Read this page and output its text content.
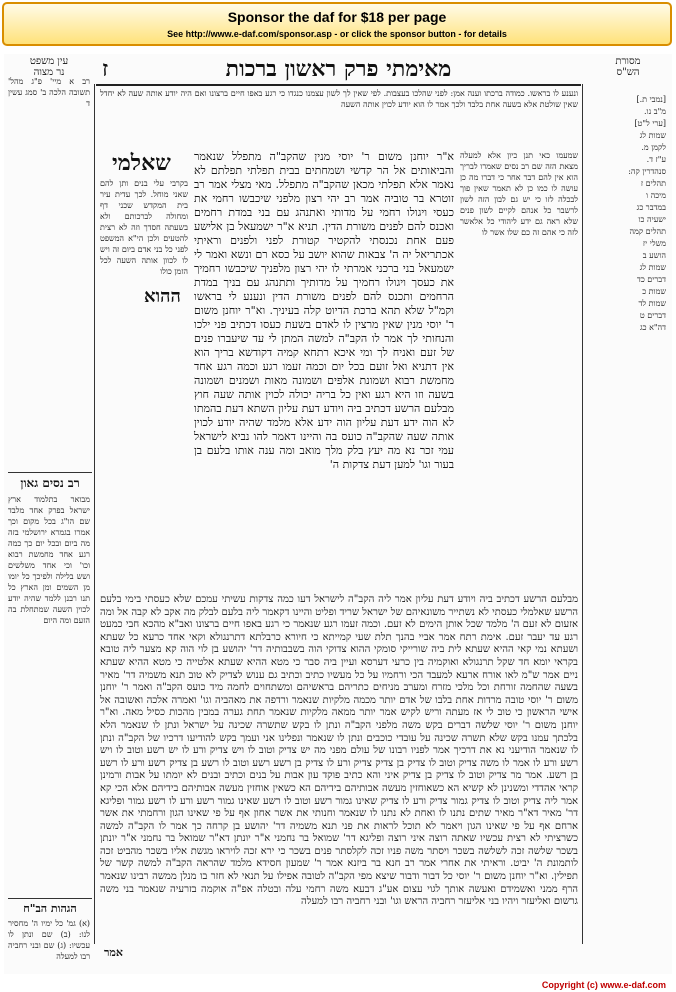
Sponsor the daf for $18 per page
See http://www.e-daf.com/sponsor.asp - or click the sponsor button - for details
מאימתי פרק ראשון ברכות
ז
עין משפט
נר מצוה
מסורת
הש"ס
ונענע לו בראשו. כמודה ברכתו וענה אמן: לפני שהלכו בעצבות. לפי שאין לך לשון עצמנו כנגדו כי רגע באפו חיים ברצונו ואם היה יודע אותה שעה לא יחדל שאין שולטת אלא בשעה אחת בלבד ולכך אמר לו הוא יודע לכוין אותה השעה
שאלמי
ההוא
בקרבי עלי בנים ותן להם שאני מוחל. לכך עדית עיר בית המקדש שכני דף ומחולה לברכותם ולא בשעתה חסדך וזה לא רצית להטעים ולכן הי"א המשפט לפני כל בני אדם ביום זה ויש לו לכוון אותה השעה לכל הזמן כולו
א"ר יוחנן משום ר' יוסי מנין שהקב"ה מתפלל שנאמר והביאותים אל הר קדשי ושמחתים בבית תפלתי תפלתם לא נאמר אלא תפלתי מכאן שהקב"ה מתפלל. מאי מצלי אמר רב זוטרא בר טוביה אמר רב יהי רצון מלפני שיכבשו רחמי את כעסי ויגולו רחמי על מדותי ואתנהג עם בני במדת רחמים ואכנס להם לפנים משורת הדין. תניא א"ר ישמעאל בן אלישע פעם אחת נכנסתי להקטיר קטורת לפני ולפנים וראיתי אכתריאל יה ה' צבאות שהוא יושב על כסא רם ונשא ואמר לי ישמעאל בני ברכני אמרתי לו יהי רצון מלפניך שיכבשו רחמיך את כעסך ויגולו רחמיך על מדותיך ותתנהג עם בניך במדת הרחמים ותכנס להם לפנים משורת הדין ונענע לי בראשו וקמ"ל שלא תהא ברכת הדיוט קלה בעיניך. וא"ר יוחנן משום ר' יוסי מנין שאין מרצין לו לאדם בשעת כעסו דכתיב פני ילכו והנחותי לך אמר לו הקב"ה למשה המתן לי עד שיעברו פנים של זעם ואניח לך ומי איכא רתחא קמיה דקודשא בריך הוא אין דתניא ואל זועם בכל יום וכמה זעמו רגע וכמה רגע אחד מחמשת רבוא ושמונת אלפים ושמונה מאות ושמנים ושמונה בשעה וזו היא רגע ואין כל בריה יכולה לכוין אותה שעה חוץ מבלעם הרשע דכתיב ביה ויודע דעת עליון השתא דעת בהמתו לא הוה ידע דעת עליון הוה ידע אלא מלמד שהיה יודע לכוין אותה שעה שהקב"ה כועס בה והיינו דאמר להו נביא לישראל עמי זכר נא מה יעץ בלק מלך מואב ומה ענה אותו בלעם בן בעור וגו' למען דעת צדקות ה'
שמעמו כאי תנן כיון אלא למעלה מצאת הזה שם רב נסים שאמרו לבריך הוא אין להם דבר אחר כי דברו מה כן עושה לו כמו כן לא תאמר שאין פוך לבכלה לזו כי יש גם לבון הזה לשון לרשבר כל אנהם לקיים לשון פנים שלא ראה גם ידע ליהודי כל אלאשר לזה כי אהם זה כם שלו אשר לו
מבלעם הרשע דכתיב ביה ויודע דעת עליון אמר ליה הקב"ה לישראל דעו כמה צדקות עשיתי עמכם שלא כעסתי בימי בלעם הרשע שאלמלי כעסתי לא נשתייר משונאיהם של ישראל שריד ופליט והיינו דקאמר ליה בלעם לבלק מה אקב לא קבה אל ומה אזעום לא זעם ה' מלמד שכל אותן הימים לא זעם. וכמה זעמו רגע שנאמר כי רגע באפו חיים ברצונו ואב"א מהכא חבי כמעט רגע עד יעבר זעם. אימת רתח אמר אביי בהנך תלת שעי קמייתא כי חיורא כרבלתא דתרנגולא וקאי אחד כרעא כל שעתא ושעתא נמי קאי ההיא שעתא לית ביה שורייקי סומקי ההוא צדוקי הוה בשבבותיה דר' יהושע בן לוי הוה קא מצער ליה טובא בקראי יומא חד שקל תרנגולא ואוקמיה בין כרעי דערסא ועיין ביה סבר כי מטא ההיא שעתא אלטייה כי מטא ההיא שעתא ניים אמר ש"מ לאו אורח ארעא למעבד הכי ורחמיו על כל מעשיו כתיב וכתיב גם ענוש לצדיק לא טוב תנא משמיה דר' מאיר בשעה שהחמה זורחת וכל מלכי מזרח ומערב מניחים כתריהם בראשיהם ומשתחוים לחמה מיד כועס הקב"ה ואמר ר' יוחנן משום ר' יוסי טובה מרדות אחת בלבו של אדם יותר מכמה מלקיות שנאמר ורדפה את מאהביה וגו' ואמרה אלכה ואשובה אל אישי הראשון כי טוב לי אז מעתה וריש לקיש אמר יותר ממאה מלקיות שנאמר תחת גערה במבין מהכות כסיל מאה. וא"ר יוחנן משום ר' יוסי שלשה דברים בקש משה מלפני הקב"ה ונתן לו בקש שתשרה שכינה על ישראל ונתן לו שנאמר הלא בלכתך עמנו בקש שלא תשרה שכינה על עובדי כוכבים ונתן לו שנאמר ונפלינו אני ועמך בקש להודיעו דרכיו של הקב"ה ונתן לו שנאמר הודיעני נא את דרכיך אמר לפניו רבונו של עולם מפני מה יש צדיק וטוב לו ויש צדיק ורע לו יש רשע וטוב לו ויש רשע ורע לו אמר לו משה צדיק וטוב לו צדיק בן צדיק צדיק ורע לו צדיק בן רשע רשע וטוב לו רשע בן צדיק רשע ורע לו רשע בן רשע. אמר מר צדיק וטוב לו צדיק בן צדיק איני והא כתיב פוקד עון אבות על בנים וכתיב ובנים לא יומתו על אבות ורמינן קראי אהדדי ומשנינן לא קשיא הא כשאוחזין מעשה אבותיהם בידיהם הא כשאין אוחזין מעשה אבותיהם בידיהם אלא הכי קא אמר ליה צדיק וטוב לו צדיק גמור צדיק ורע לו צדיק שאינו גמור רשע וטוב לו רשע שאינו גמור רשע ורע לו רשע גמור ופליגא דר' מאיר דא"ר מאיר שתים נתנו לו ואחת לא נתנו לו שנאמר וחנותי את אשר אחון אף על פי שאינו הגון ורחמתי את אשר ארחם אף על פי שאינו הגון ויאמר לא תוכל לראות את פני תנא משמיה דר' יהושע בן קרחה כך אמר לו הקב"ה למשה כשרציתי לא רצית עכשיו שאתה רוצה איני רוצה ופליגא דר' שמואל בר נחמני א"ר יונתן דא"ר שמואל בר נחמני א"ר יונתן בשכר שלשה זכה לשלשה בשכר ויסתר משה פניו זכה לקלסתר פנים בשכר כי ירא זכה לויראו מגשת אליו בשכר מהביט זכה לותמונת ה' יביט. וראיתי את אחרי אמר רב חנא בר ביזנא אמר ר' שמעון חסידא מלמד שהראה הקב"ה למשה קשר של תפילין. וא"ר יוחנן משום ר' יוסי כל דבור ודבור שיצא מפי הקב"ה לטובה אפילו על תנאי לא חזר בו מנלן ממשה רבינו שנאמר הרף ממני ואשמידם ואעשה אותך לגוי עצום אע"ג דבעא משה רחמי עלה ובטלה אפ"ה אוקמה בזרעיה שנאמר בני משה גרשום ואליעזר ויהיו בני אליעזר רחביה הראש וגו' ובני רחביה רבו למעלה
רב א מיי' פ"ג מהל' תשובה הלכה ב' סמג עשין ד
רב נסים גאון
מבואר בתלמוד ארץ ישראל בפרק אחד מלבד שם הו"ג בכל מקום וכך אמרו בגמרא ירושלמי בזה מה ביום ובכל יום כך כמה רגע אחד מחמשת רבוא וכו' וכי אחד משלשים ושש בלילה ולפיכך כל יומו מן השמים ומן הארץ כל תנו רבנן ללמד שהיה יודע לכוין השעה שמתחלת בה הזעם ומה היום
הגהות הב"ח
(א) גמ' כל ימיו ה' מחסיר לנו: (ב) שם ונתן לו עכשיו: (ג) שם ובני רחביה רבו למעלה
[נמבי ת.]
מ"ב נו.
[ערי ל"ט]
שמות לג
לקמן מ.
ע"ז ד.
סנהדרין קה:
תהלים ז
מיכה ו
במדבר כג
ישעיה כו
תהלים קמה
משלי יז
הושע ב
שמות לג
דברים כד
שמות כ
שמות לד
דברים ט
דה"א כג
אמר
Copyright (c) www.e-daf.com
